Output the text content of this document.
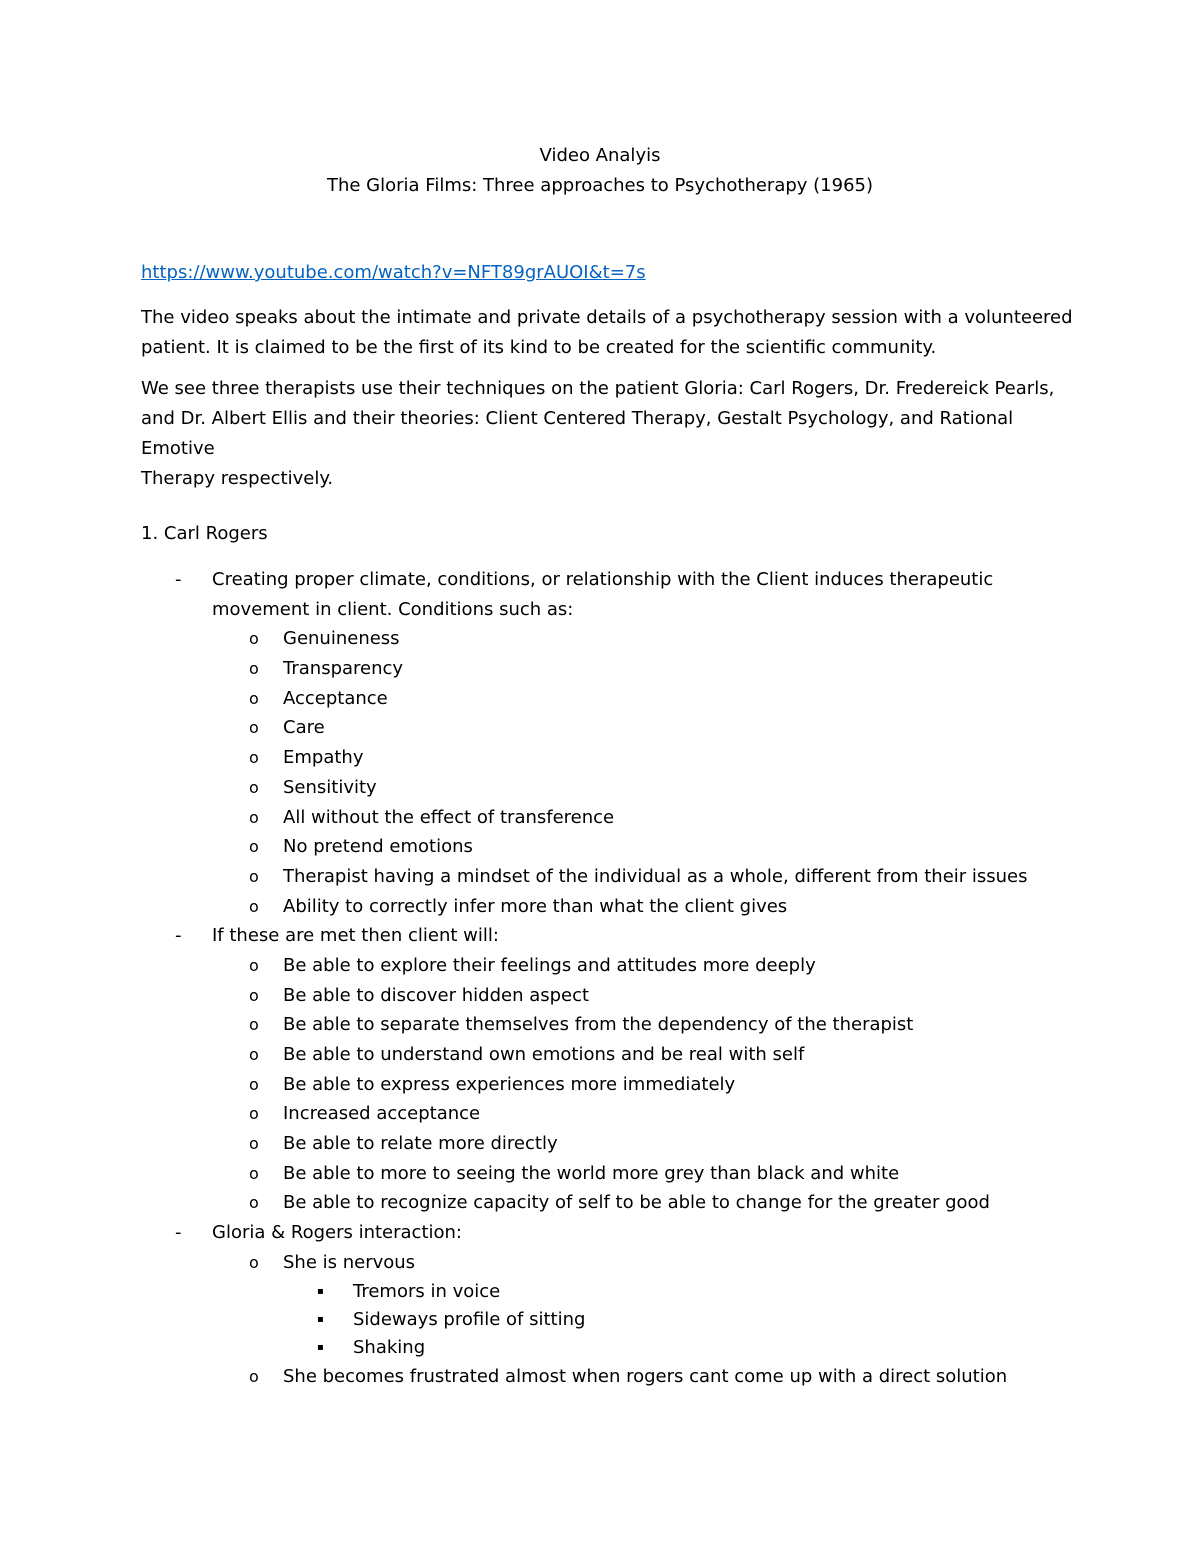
Video Analyis
The Gloria Films: Three approaches to Psychotherapy (1965)
https://www.youtube.com/watch?v=NFT89grAUOI&t=7s
The video speaks about the intimate and private details of a psychotherapy session with a volunteered
patient. It is claimed to be the first of its kind to be created for the scientific community.
We see three therapists use their techniques on the patient Gloria: Carl Rogers, Dr. Fredereick Pearls,
and Dr. Albert Ellis and their theories: Client Centered Therapy, Gestalt Psychology, and Rational Emotive
Therapy respectively.
1. Carl Rogers
- Creating proper climate, conditions, or relationship with the Client induces therapeutic
movement in client. Conditions such as:
o Genuineness
o Transparency
o Acceptance
o Care
o Empathy
o Sensitivity
o All without the effect of transference
o No pretend emotions
o Therapist having a mindset of the individual as a whole, different from their issues
o Ability to correctly infer more than what the client gives
- If these are met then client will:
o Be able to explore their feelings and attitudes more deeply
o Be able to discover hidden aspect
o Be able to separate themselves from the dependency of the therapist
o Be able to understand own emotions and be real with self
o Be able to express experiences more immediately
o Increased acceptance
o Be able to relate more directly
o Be able to more to seeing the world more grey than black and white
o Be able to recognize capacity of self to be able to change for the greater good
- Gloria & Rogers interaction:
o She is nervous
▪ Tremors in voice
▪ Sideways profile of sitting
▪ Shaking
o She becomes frustrated almost when rogers cant come up with a direct solution
